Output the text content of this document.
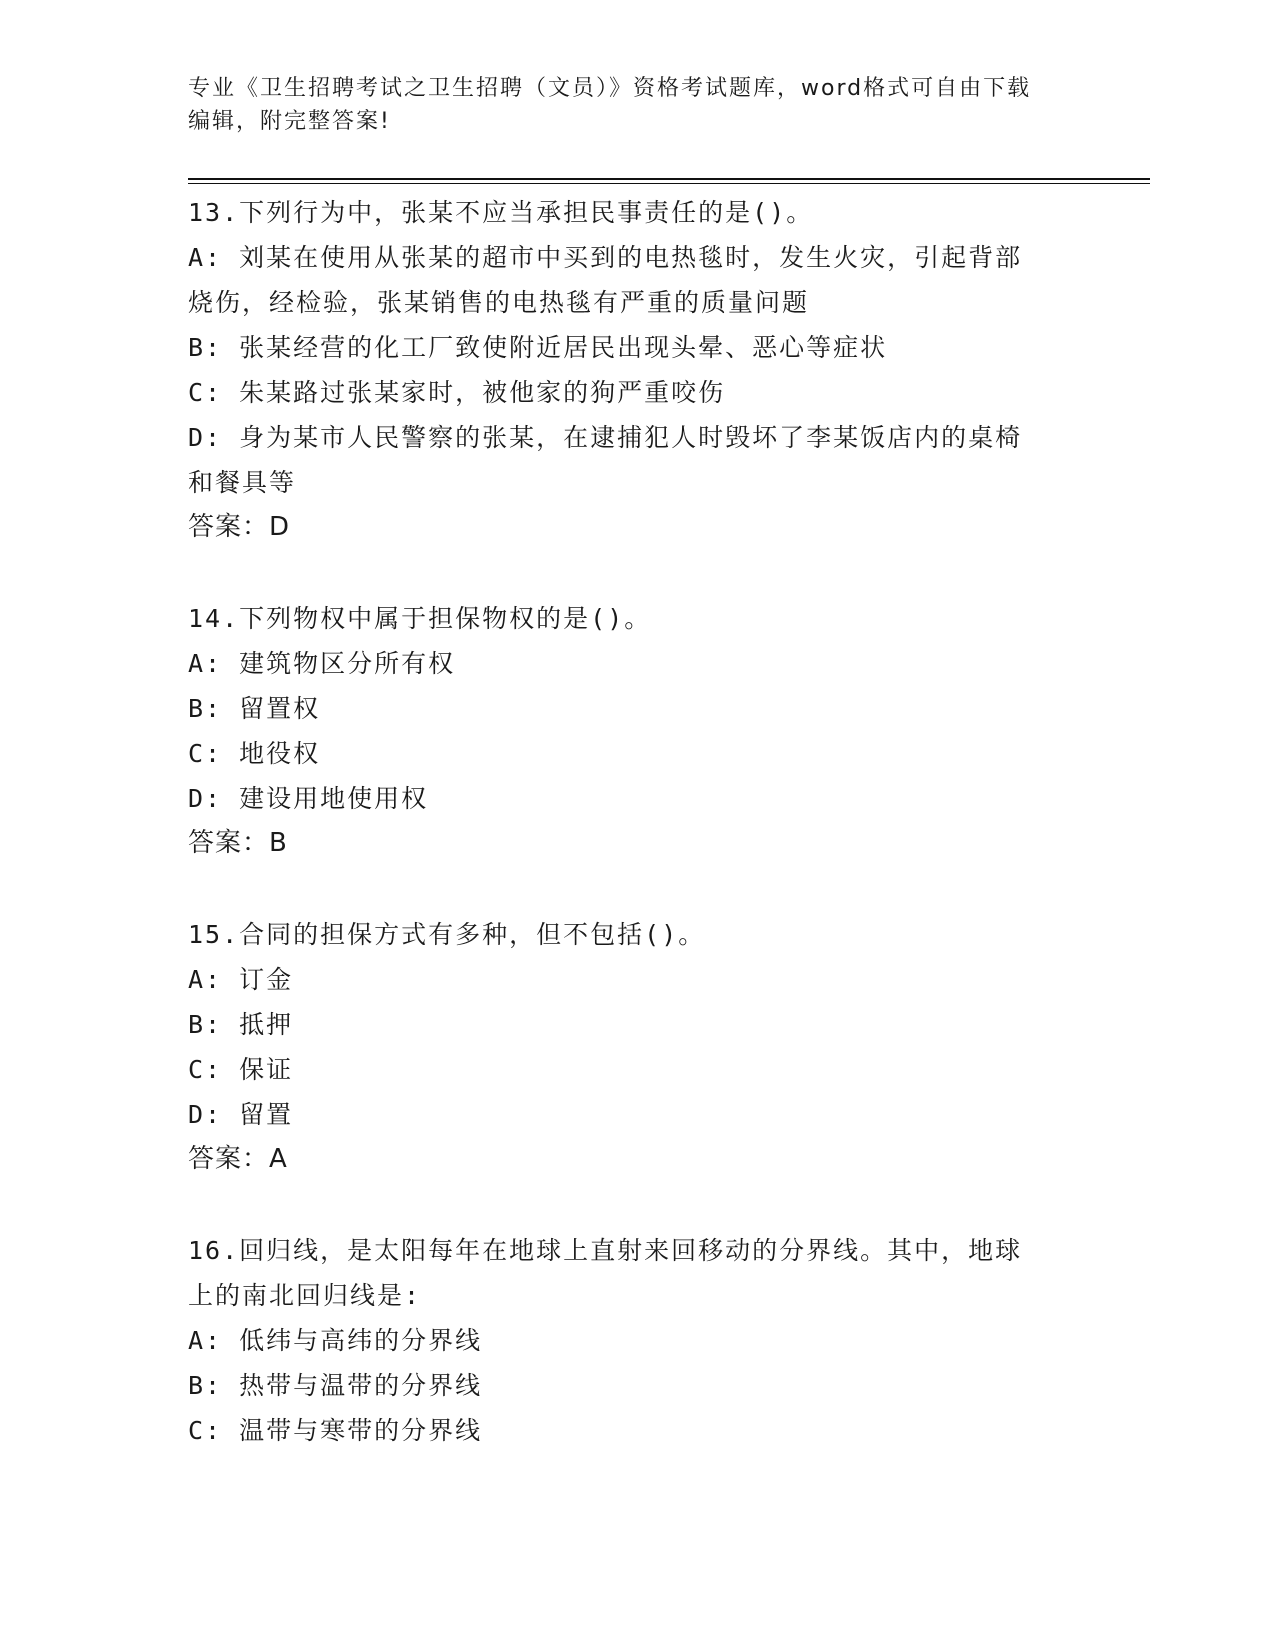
专业《卫生招聘考试之卫生招聘（文员）》资格考试题库，word格式可自由下载
编辑，附完整答案!
13.下列行为中，张某不应当承担民事责任的是()。
A: 刘某在使用从张某的超市中买到的电热毯时，发生火灾，引起背部
烧伤，经检验，张某销售的电热毯有严重的质量问题
B: 张某经营的化工厂致使附近居民出现头晕、恶心等症状
C: 朱某路过张某家时，被他家的狗严重咬伤
D: 身为某市人民警察的张某，在逮捕犯人时毁坏了李某饭店内的桌椅
和餐具等
答案：D
14.下列物权中属于担保物权的是()。
A: 建筑物区分所有权
B: 留置权
C: 地役权
D: 建设用地使用权
答案：B
15.合同的担保方式有多种，但不包括()。
A: 订金
B: 抵押
C: 保证
D: 留置
答案：A
16.回归线，是太阳每年在地球上直射来回移动的分界线。其中，地球
上的南北回归线是:
A: 低纬与高纬的分界线
B: 热带与温带的分界线
C: 温带与寒带的分界线
